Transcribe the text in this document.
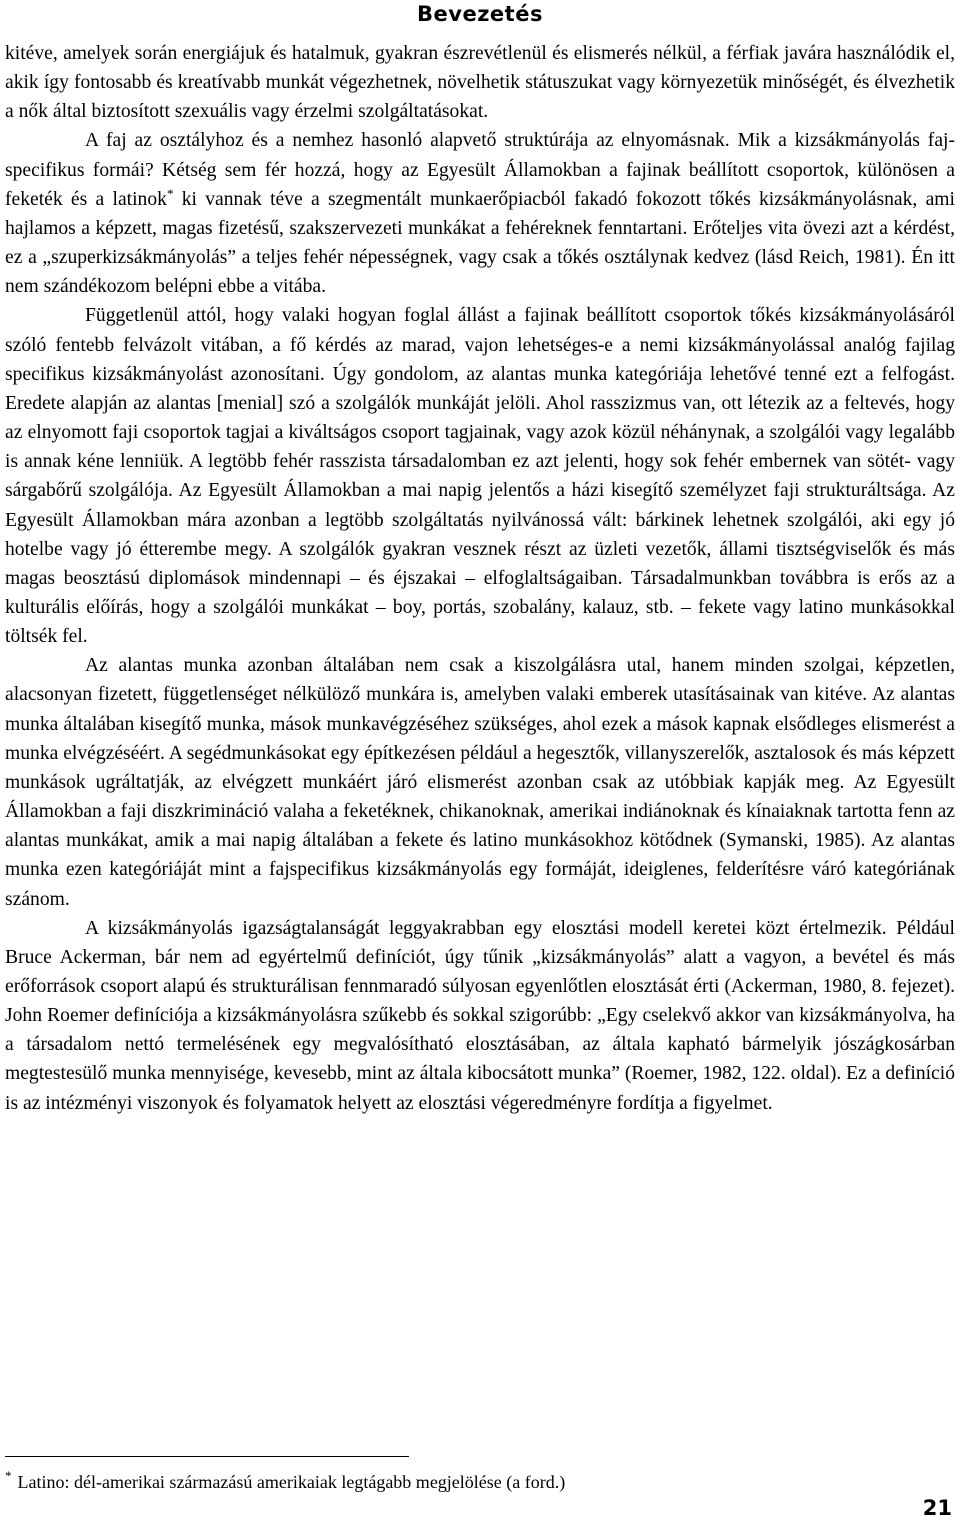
Bevezetés

kitéve, amelyek során energiájuk és hatalmuk, gyakran észrevétlenül és elismerés nélkül, a férfiak javára használódik el, akik így fontosabb és kreatívabb munkát végezhetnek, növelhetik státuszukat vagy környezetük minőségét, és élvezhetik a nők által biztosított szexuális vagy érzelmi szolgáltatásokat.

A faj az osztályhoz és a nemhez hasonló alapvető struktúrája az elnyomásnak. Mik a kizsákmányolás faj-specifikus formái? Kétség sem fér hozzá, hogy az Egyesült Államokban a fajinak beállított csoportok, különösen a feketék és a latinok* ki vannak téve a szegmentált munkaerőpiacból fakadó fokozott tőkés kizsákmányolásnak, ami hajlamos a képzett, magas fizetésű, szakszervezeti munkákat a fehéreknek fenntartani. Erőteljes vita övezi azt a kérdést, ez a „szuperkizsákmányolás” a teljes fehér népességnek, vagy csak a tőkés osztálynak kedvez (lásd Reich, 1981). Én itt nem szándékozom belépni ebbe a vitába.

Függetlenül attól, hogy valaki hogyan foglal állást a fajinak beállított csoportok tőkés kizsákmányolásáról szóló fentebb felvázolt vitában, a fő kérdés az marad, vajon lehetséges-e a nemi kizsákmányolással analóg fajilag specifikus kizsákmányolást azonosítani. Úgy gondolom, az alantas munka kategóriája lehetővé tenné ezt a felfogást. Eredete alapján az alantas [menial] szó a szolgálók munkáját jelöli. Ahol rasszizmus van, ott létezik az a feltevés, hogy az elnyomott faji csoportok tagjai a kiváltságos csoport tagjainak, vagy azok közül néhánynak, a szolgálói vagy legalább is annak kéne lenniük. A legtöbb fehér rasszista társadalomban ez azt jelenti, hogy sok fehér embernek van sötét- vagy sárgabőrű szolgálója. Az Egyesült Államokban a mai napig jelentős a házi kisegítő személyzet faji strukturáltsága. Az Egyesült Államokban mára azonban a legtöbb szolgáltatás nyilvánossá vált: bárkinek lehetnek szolgálói, aki egy jó hotelbe vagy jó étterembe megy. A szolgálók gyakran vesznek részt az üzleti vezetők, állami tisztségviselők és más magas beosztású diplomások mindennapi – és éjszakai – elfoglaltságaiban. Társadalmunkban továbbra is erős az a kulturális előírás, hogy a szolgálói munkákat – boy, portás, szobalány, kalauz, stb. – fekete vagy latino munkásokkal töltsék fel.

Az alantas munka azonban általában nem csak a kiszolgálásra utal, hanem minden szolgai, képzetlen, alacsonyan fizetett, függetlenséget nélkülöző munkára is, amelyben valaki emberek utasításainak van kitéve. Az alantas munka általában kisegítő munka, mások munkavégzéséhez szükséges, ahol ezek a mások kapnak elsődleges elismerést a munka elvégzéséért. A segédmunkásokat egy építkezésen például a hegesztők, villanyszerelők, asztalosok és más képzett munkások ugráltatják, az elvégzett munkáért járó elismerést azonban csak az utóbbiak kapják meg. Az Egyesült Államokban a faji diszkrimináció valaha a feketéknek, chikanoknak, amerikai indiánoknak és kínaiaknak tartotta fenn az alantas munkákat, amik a mai napig általában a fekete és latino munkásokhoz kötődnek (Symanski, 1985). Az alantas munka ezen kategóriáját mint a fajspecifikus kizsákmányolás egy formáját, ideiglenes, felderítésre váró kategóriának szánom.

A kizsákmányolás igazságtalanságát leggyakrabban egy elosztási modell keretei közt értelmezik. Például Bruce Ackerman, bár nem ad egyértelmű definíciót, úgy tűnik „kizsákmányolás” alatt a vagyon, a bevétel és más erőforrások csoport alapú és strukturálisan fennmaradó súlyosan egyenlőtlen elosztását érti (Ackerman, 1980, 8. fejezet). John Roemer definíciója a kizsákmányolásra szűkebb és sokkal szigorúbb: „Egy cselekvő akkor van kizsákmányolva, ha a társadalom nettó termelésének egy megvalósítható elosztásában, az általa kapható bármelyik jószágkosárban megtestesülő munka mennyisége, kevesebb, mint az általa kibocsátott munka” (Roemer, 1982, 122. oldal). Ez a definíció is az intézményi viszonyok és folyamatok helyett az elosztási végeredményre fordítja a figyelmet.

* Latino: dél-amerikai származású amerikaiak legtágabb megjelölése (a ford.)
21
